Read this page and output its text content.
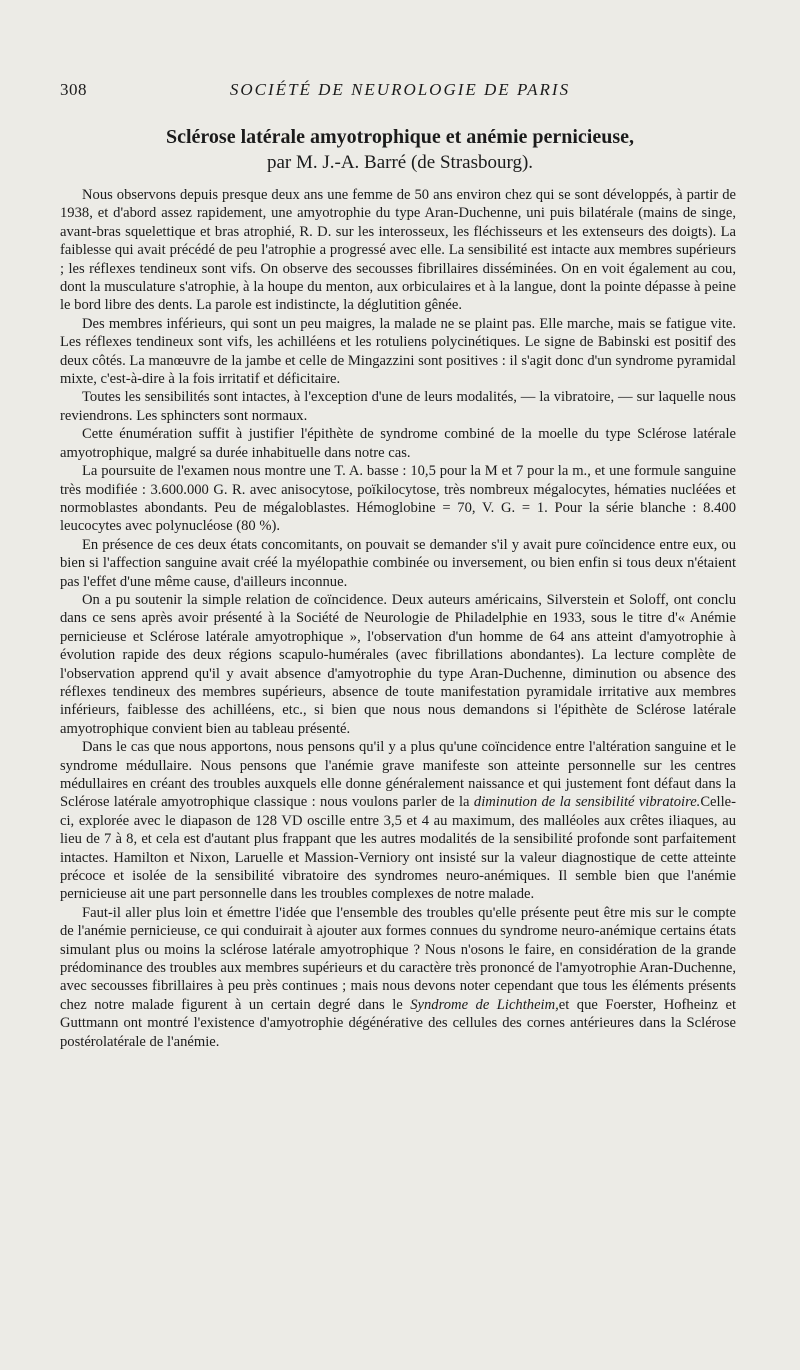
308	SOCIÉTÉ DE NEUROLOGIE DE PARIS
Sclérose latérale amyotrophique et anémie pernicieuse,
par M. J.-A. Barré (de Strasbourg).

Nous observons depuis presque deux ans une femme de 50 ans environ chez qui se sont développés, à partir de 1938, et d'abord assez rapidement, une amyotrophie du type Aran-Duchenne, uni puis bilatérale (mains de singe, avant-bras squelettique et bras atrophié, R. D. sur les interosseux, les fléchisseurs et les extenseurs des doigts). La faiblesse qui avait précédé de peu l'atrophie a progressé avec elle. La sensibilité est intacte aux membres supérieurs ; les réflexes tendineux sont vifs. On observe des secousses fibrillaires disséminées. On en voit également au cou, dont la musculature s'atrophie, à la houpe du menton, aux orbiculaires et à la langue, dont la pointe dépasse à peine le bord libre des dents. La parole est indistincte, la déglutition gênée.

Des membres inférieurs, qui sont un peu maigres, la malade ne se plaint pas. Elle marche, mais se fatigue vite. Les réflexes tendineux sont vifs, les achilléens et les rotuliens polycinétiques. Le signe de Babinski est positif des deux côtés. La manœuvre de la jambe et celle de Mingazzini sont positives : il s'agit donc d'un syndrome pyramidal mixte, c'est-à-dire à la fois irritatif et déficitaire.

Toutes les sensibilités sont intactes, à l'exception d'une de leurs modalités, — la vibratoire, — sur laquelle nous reviendrons. Les sphincters sont normaux.

Cette énumération suffit à justifier l'épithète de syndrome combiné de la moelle du type Sclérose latérale amyotrophique, malgré sa durée inhabituelle dans notre cas.

La poursuite de l'examen nous montre une T. A. basse : 10,5 pour la M et 7 pour la m., et une formule sanguine très modifiée : 3.600.000 G. R. avec anisocytose, poïkilocytose, très nombreux mégalocytes, hématies nucléées et normoblastes abondants. Peu de mégaloblastes. Hémoglobine = 70, V. G. = 1. Pour la série blanche : 8.400 leucocytes avec polynucléose (80 %).

En présence de ces deux états concomitants, on pouvait se demander s'il y avait pure coïncidence entre eux, ou bien si l'affection sanguine avait créé la myélopathie combinée ou inversement, ou bien enfin si tous deux n'étaient pas l'effet d'une même cause, d'ailleurs inconnue.

On a pu soutenir la simple relation de coïncidence. Deux auteurs américains, Silverstein et Soloff, ont conclu dans ce sens après avoir présenté à la Société de Neurologie de Philadelphie en 1933, sous le titre d'« Anémie pernicieuse et Sclérose latérale amyotrophique », l'observation d'un homme de 64 ans atteint d'amyotrophie à évolution rapide des deux régions scapulo-humérales (avec fibrillations abondantes). La lecture complète de l'observation apprend qu'il y avait absence d'amyotrophie du type Aran-Duchenne, diminution ou absence des réflexes tendineux des membres supérieurs, absence de toute manifestation pyramidale irritative aux membres inférieurs, faiblesse des achilléens, etc., si bien que nous nous demandons si l'épithète de Sclérose latérale amyotrophique convient bien au tableau présenté.

Dans le cas que nous apportons, nous pensons qu'il y a plus qu'une coïncidence entre l'altération sanguine et le syndrome médullaire. Nous pensons que l'anémie grave manifeste son atteinte personnelle sur les centres médullaires en créant des troubles auxquels elle donne généralement naissance et qui justement font défaut dans la Sclérose latérale amyotrophique classique : nous voulons parler de la diminution de la sensibilité vibratoire.Celle-ci, explorée avec le diapason de 128 VD oscille entre 3,5 et 4 au maximum, des malléoles aux crêtes iliaques, au lieu de 7 à 8, et cela est d'autant plus frappant que les autres modalités de la sensibilité profonde sont parfaitement intactes. Hamilton et Nixon, Laruelle et Massion-Verniory ont insisté sur la valeur diagnostique de cette atteinte précoce et isolée de la sensibilité vibratoire des syndromes neuro-anémiques. Il semble bien que l'anémie pernicieuse ait une part personnelle dans les troubles complexes de notre malade.

Faut-il aller plus loin et émettre l'idée que l'ensemble des troubles qu'elle présente peut être mis sur le compte de l'anémie pernicieuse, ce qui conduirait à ajouter aux formes connues du syndrome neuro-anémique certains états simulant plus ou moins la sclérose latérale amyotrophique ? Nous n'osons le faire, en considération de la grande prédominance des troubles aux membres supérieurs et du caractère très prononcé de l'amyotrophie Aran-Duchenne, avec secousses fibrillaires à peu près continues ; mais nous devons noter cependant que tous les éléments présents chez notre malade figurent à un certain degré dans le Syndrome de Lichtheim,et que Foerster, Hofheinz et Guttmann ont montré l'existence d'amyotrophie dégénérative des cellules des cornes antérieures dans la Sclérose postérolatérale de l'anémie.
